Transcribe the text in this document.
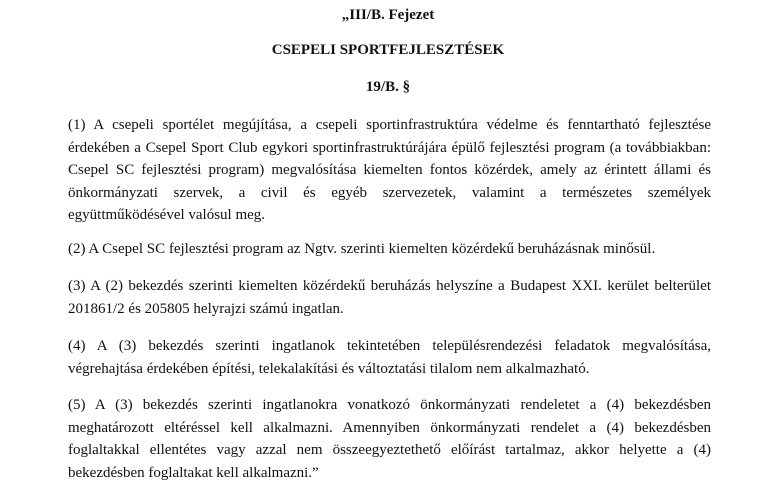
„III/B. Fejezet
CSEPELI SPORTFEJLESZTÉSEK
19/B. §

(1) A csepeli sportélet megújítása, a csepeli sportinfrastruktúra védelme és fenntartható fejlesztése érdekében a Csepel Sport Club egykori sportinfrastruktúrájára épülő fejlesztési program (a továbbiakban: Csepel SC fejlesztési program) megvalósítása kiemelten fontos közérdek, amely az érintett állami és önkormányzati szervek, a civil és egyéb szervezetek, valamint a természetes személyek együttműködésével valósul meg.

(2) A Csepel SC fejlesztési program az Ngtv. szerinti kiemelten közérdekű beruházásnak minősül.

(3) A (2) bekezdés szerinti kiemelten közérdekű beruházás helyszíne a Budapest XXI. kerület belterület 201861/2 és 205805 helyrajzi számú ingatlan.

(4) A (3) bekezdés szerinti ingatlanok tekintetében településrendezési feladatok megvalósítása, végrehajtása érdekében építési, telekalakítási és változtatási tilalom nem alkalmazható.

(5) A (3) bekezdés szerinti ingatlanokra vonatkozó önkormányzati rendeletet a (4) bekezdésben meghatározott eltéréssel kell alkalmazni. Amennyiben önkormányzati rendelet a (4) bekezdésben foglaltakkal ellentétes vagy azzal nem összeegyeztethető előírást tartalmaz, akkor helyette a (4) bekezdésben foglaltakat kell alkalmazni.”
